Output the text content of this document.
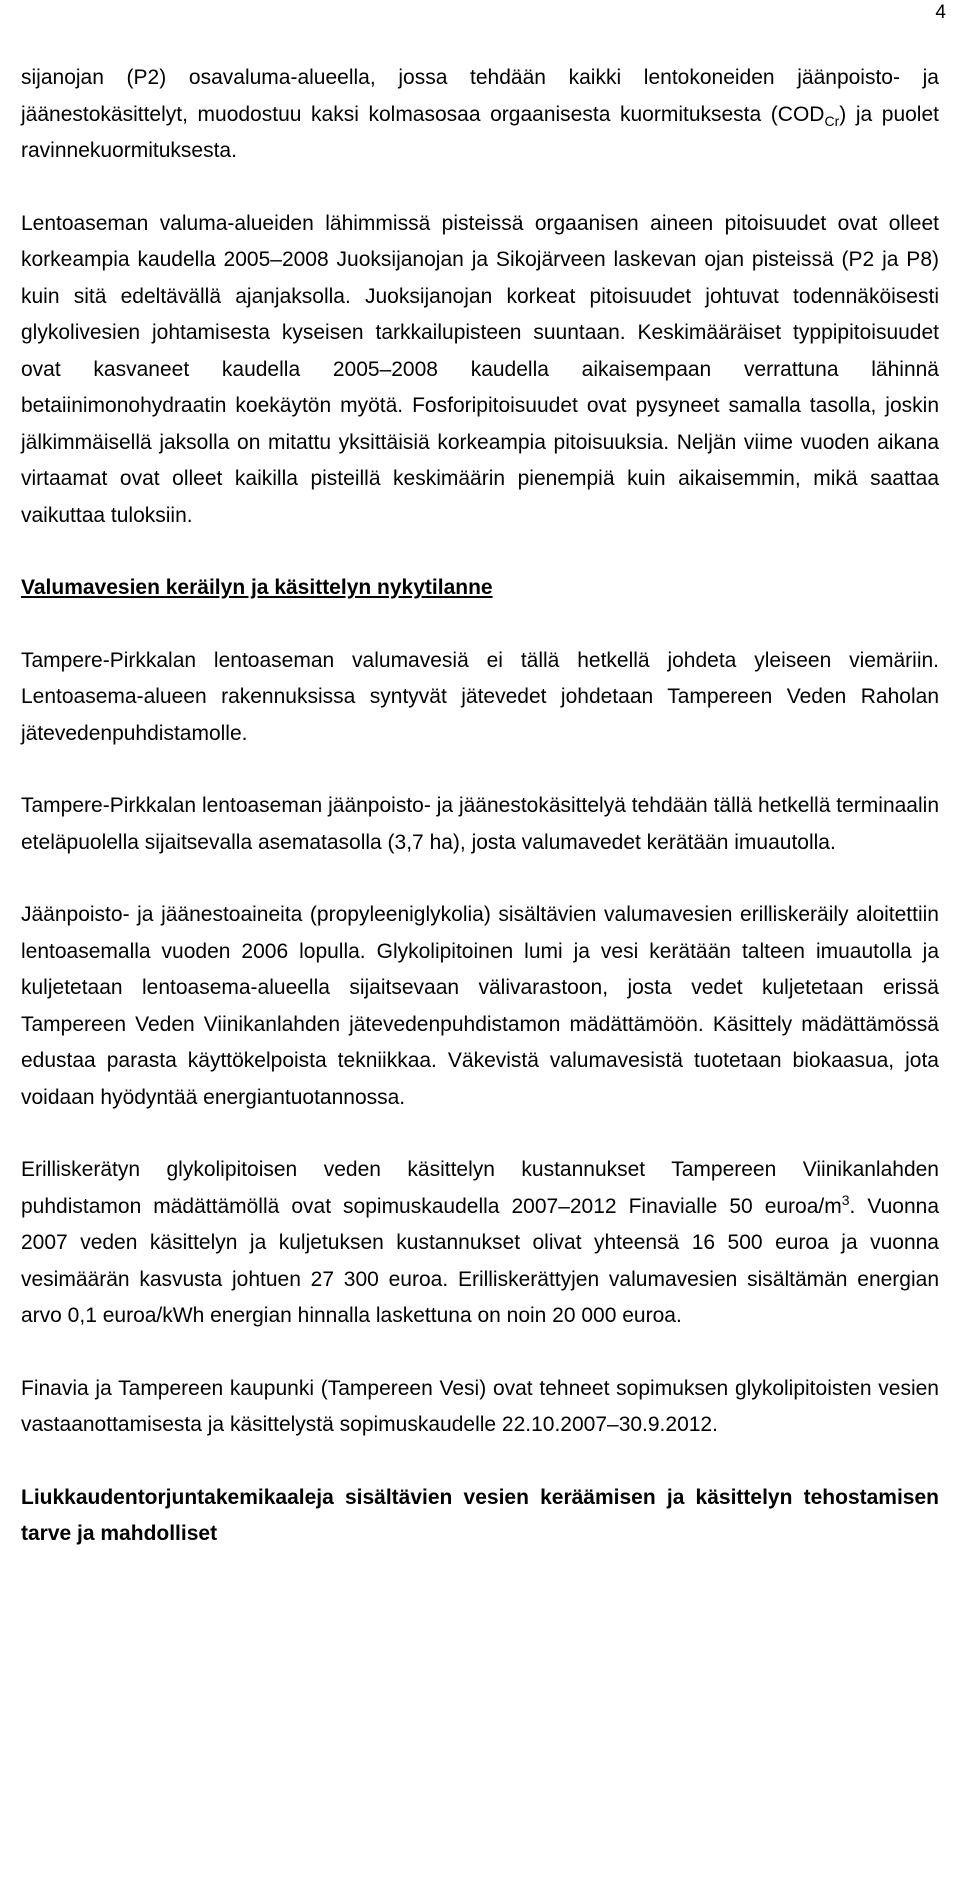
4

sijanojan (P2) osavaluma-alueella, jossa tehdään kaikki lentokoneiden jäänpoisto- ja jäänestokäsittelyt, muodostuu kaksi kolmasosaa orgaanisesta kuormituksesta $(COD_{Cr})$ ja puolet ravinnekuormituksesta.

Lentoaseman valuma-alueiden lähimmissä pisteissä orgaanisen aineen pitoisuudet ovat olleet korkeampia kaudella 2005–2008 Juoksijanojan ja Sikojärveen laskevan ojan pisteissä (P2 ja P8) kuin sitä edeltävällä ajanjaksolla. Juoksijanojan korkeat pitoisuudet johtuvat todennäköisesti glykolivesien johtamisesta kyseisen tarkkailupisteen suuntaan. Keskimääräiset typpipitoisuudet ovat kasvaneet kaudella 2005–2008 kaudella aikaisempaan verrattuna lähinnä betaiinimonohydraatin koekäytön myötä. Fosforipitoisuudet ovat pysyneet samalla tasolla, joskin jälkimmäisellä jaksolla on mitattu yksittäisiä korkeampia pitoisuuksia. Neljän viime vuoden aikana virtaamat ovat olleet kaikilla pisteillä keskimäärin pienempiä kuin aikaisemmin, mikä saattaa vaikuttaa tuloksiin.

Valumavesien keräilyn ja käsittelyn nykytilanne

Tampere-Pirkkalan lentoaseman valumavesiä ei tällä hetkellä johdeta yleiseen viemäriin. Lentoasema-alueen rakennuksissa syntyvät jätevedet johdetaan Tampereen Veden Raholan jätevedenpuhdistamolle.

Tampere-Pirkkalan lentoaseman jäänpoisto- ja jäänestokäsittelyä tehdään tällä hetkellä terminaalin eteläpuolella sijaitsevalla asematasolla (3,7 ha), josta valumavedet kerätään imuautolla.

Jäänpoisto- ja jäänestoaineita (propyleeniglykolia) sisältävien valumavesien erilliskeräily aloitettiin lentoasemalla vuoden 2006 lopulla. Glykolipitoinen lumi ja vesi kerätään talteen imuautolla ja kuljetetaan lentoasema-alueella sijaitsevaan välivarastoon, josta vedet kuljetetaan erissä Tampereen Veden Viinikanlahden jätevedenpuhdistamon mädättämöön. Käsittely mädättämössä edustaa parasta käyttökelpoista tekniikkaa. Väkevistä valumavesistä tuotetaan biokaasua, jota voidaan hyödyntää energiantuotannossa.

Erilliskerätyn glykolipitoisen veden käsittelyn kustannukset Tampereen Viinikanlahden puhdistamon mädättämöllä ovat sopimuskaudella 2007–2012 Finavialle 50 euroa/$m^3$. Vuonna 2007 veden käsittelyn ja kuljetuksen kustannukset olivat yhteensä 16 500 euroa ja vuonna vesimäärän kasvusta johtuen 27 300 euroa. Erilliskerättyjen valumavesien sisältämän energian arvo 0,1 euroa/kWh energian hinnalla laskettuna on noin 20 000 euroa.

Finavia ja Tampereen kaupunki (Tampereen Vesi) ovat tehneet sopimuksen glykolipitoisten vesien vastaanottamisesta ja käsittelystä sopimuskaudelle 22.10.2007–30.9.2012.

Liukkaudentorjuntakemikaaleja sisältävien vesien keräämisen ja käsittelyn tehostamisen tarve ja mahdolliset
